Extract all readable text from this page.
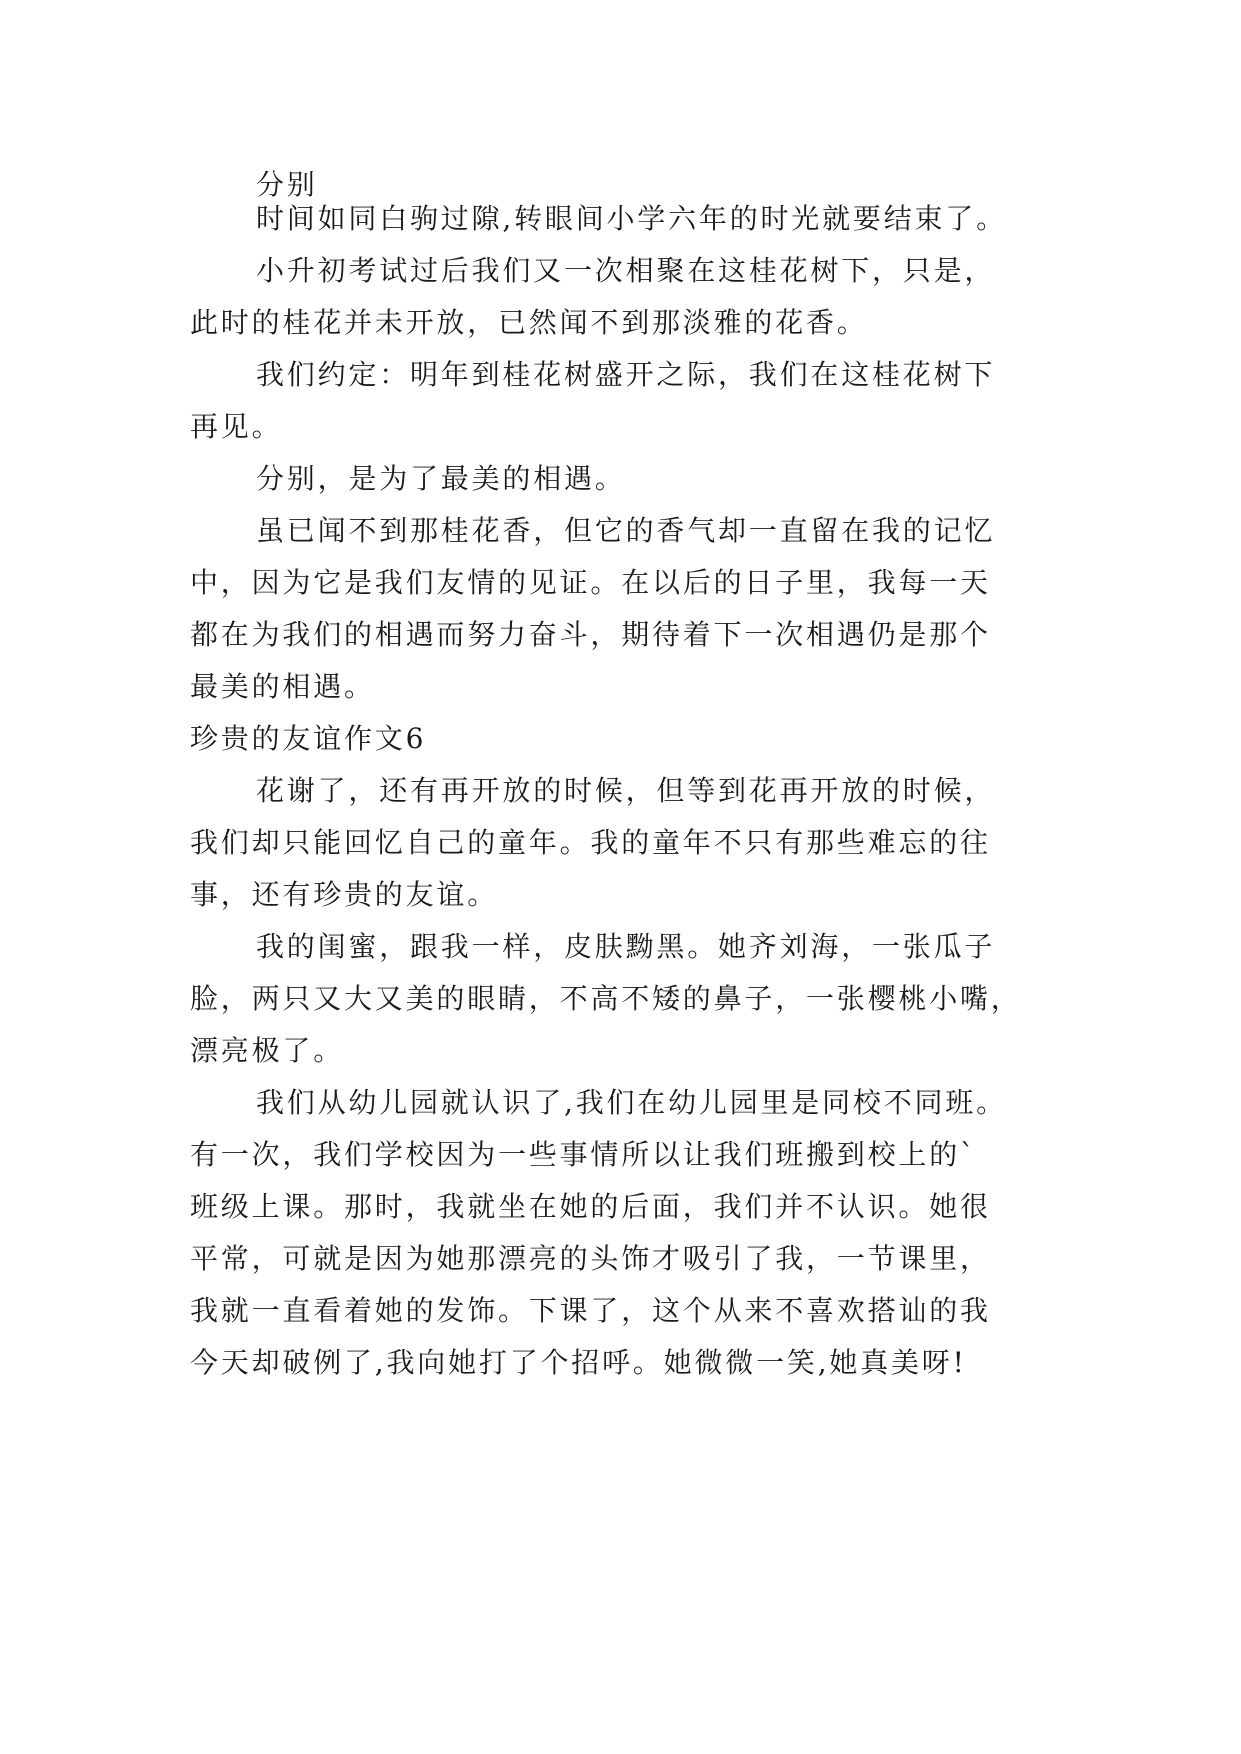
分别
时间如同白驹过隙,转眼间小学六年的时光就要结束了。
小升初考试过后我们又一次相聚在这桂花树下，只是，
此时的桂花并未开放，已然闻不到那淡雅的花香。
我们约定：明年到桂花树盛开之际，我们在这桂花树下
再见。
分别，是为了最美的相遇。
虽已闻不到那桂花香，但它的香气却一直留在我的记忆
中，因为它是我们友情的见证。在以后的日子里，我每一天
都在为我们的相遇而努力奋斗，期待着下一次相遇仍是那个
最美的相遇。
珍贵的友谊作文6
花谢了，还有再开放的时候，但等到花再开放的时候，
我们却只能回忆自己的童年。我的童年不只有那些难忘的往
事，还有珍贵的友谊。
我的闺蜜，跟我一样，皮肤黝黑。她齐刘海，一张瓜子
脸，两只又大又美的眼睛，不高不矮的鼻子，一张樱桃小嘴，
漂亮极了。
我们从幼儿园就认识了,我们在幼儿园里是同校不同班。
有一次，我们学校因为一些事情所以让我们班搬到校上的`
班级上课。那时，我就坐在她的后面，我们并不认识。她很
平常，可就是因为她那漂亮的头饰才吸引了我，一节课里，
我就一直看着她的发饰。下课了，这个从来不喜欢搭讪的我
今天却破例了,我向她打了个招呼。她微微一笑,她真美呀!
